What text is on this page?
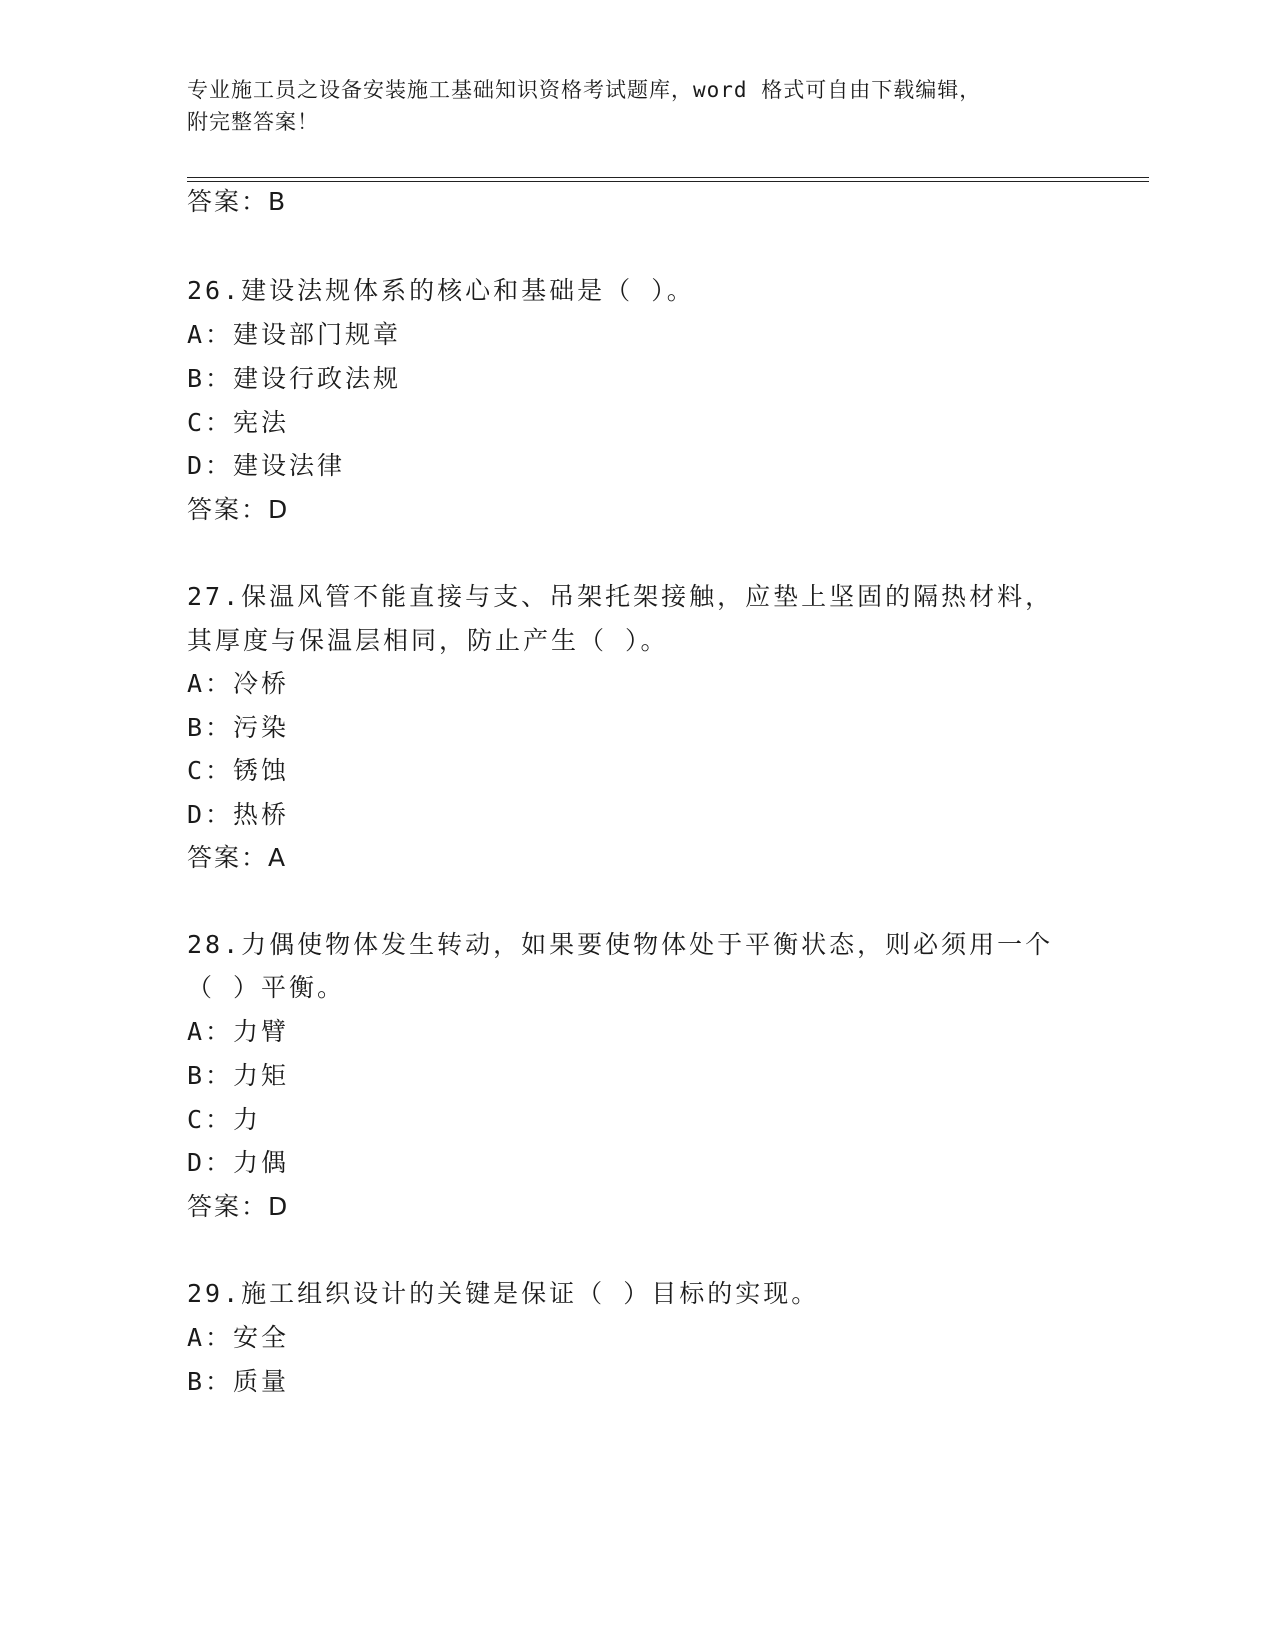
专业施工员之设备安装施工基础知识资格考试题库，word 格式可自由下载编辑，
附完整答案！
答案：B
26.建设法规体系的核心和基础是（ ）。
A：建设部门规章
B：建设行政法规
C：宪法
D：建设法律
答案：D
27.保温风管不能直接与支、吊架托架接触，应垫上坚固的隔热材料，
其厚度与保温层相同，防止产生（ ）。
A：冷桥
B：污染
C：锈蚀
D：热桥
答案：A
28.力偶使物体发生转动，如果要使物体处于平衡状态，则必须用一个
（ ）平衡。
A：力臂
B：力矩
C：力
D：力偶
答案：D
29.施工组织设计的关键是保证（ ）目标的实现。
A：安全
B：质量
